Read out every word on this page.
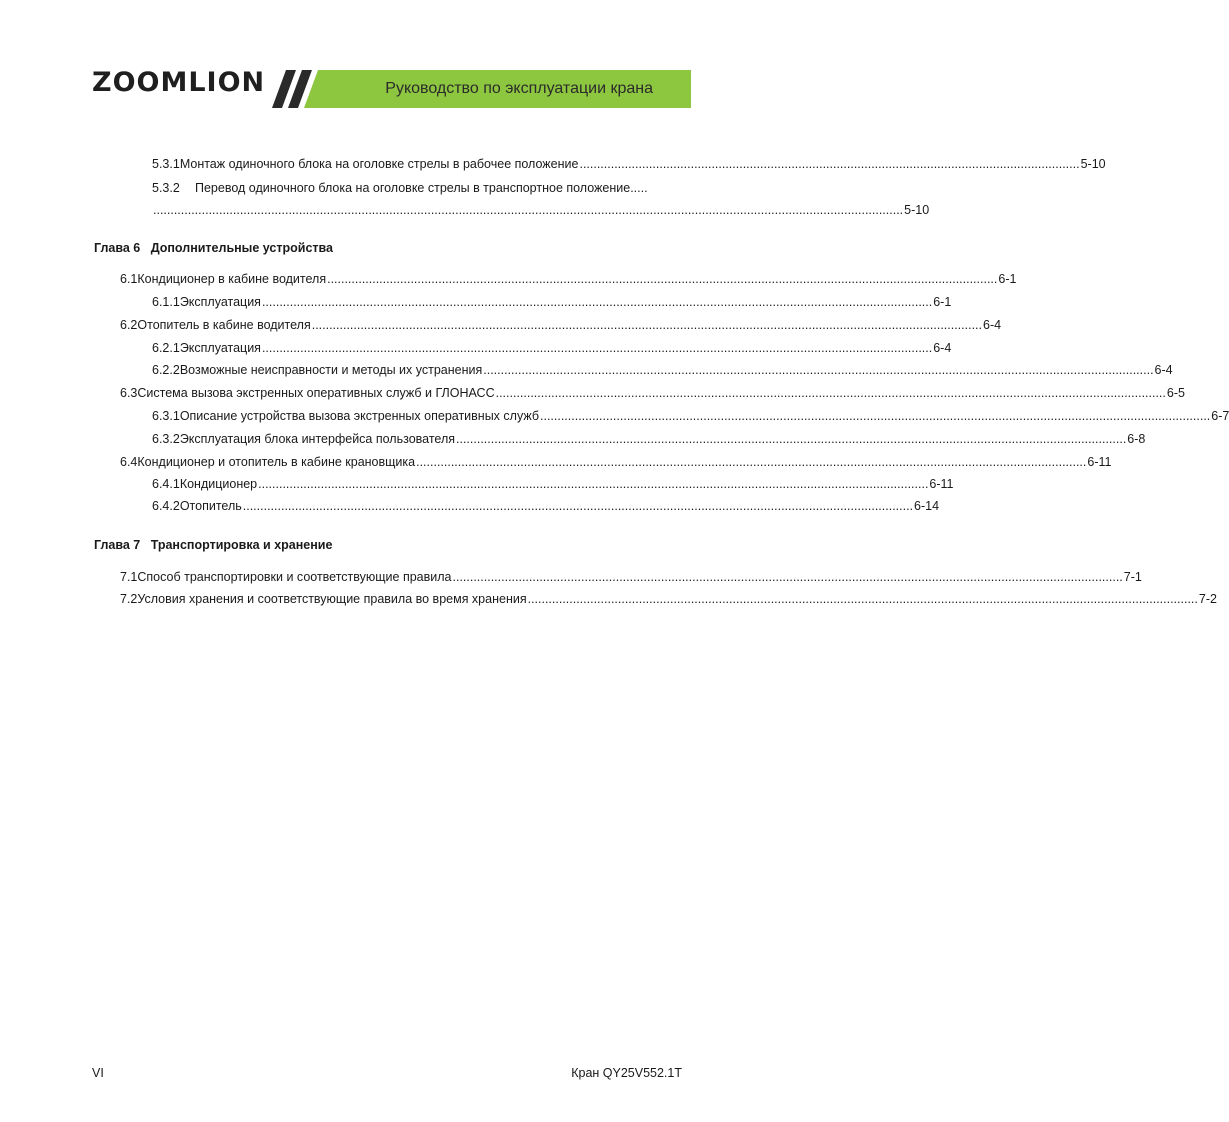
ZOOMLION	Руководство по эксплуатации крана
5.3.1 Монтаж одиночного блока на оголовке стрелы в рабочее положение ................................................................................................................................................ 5-10
5.3.2	Перевод одиночного блока на оголовке стрелы в транспортное положение.....
........................................................................................................................................................................................................................ 5-10
Глава 6 Дополнительные устройства
6.1 Кондиционер в кабине водителя ................................................................................................................................................................................................. 6-1
6.1.1 Эксплуатация ................................................................................................................................................................................................. 6-1
6.2 Отопитель в кабине водителя ................................................................................................................................................................................................. 6-4
6.2.1 Эксплуатация ................................................................................................................................................................................................. 6-4
6.2.2 Возможные неисправности и методы их устранения ................................................................................................................................................................................................. 6-4
6.3 Система вызова экстренных оперативных служб и ГЛОНАСС ................................................................................................................................................................................................. 6-5
6.3.1 Описание устройства вызова экстренных оперативных служб ................................................................................................................................................................................................. 6-7
6.3.2 Эксплуатация блока интерфейса пользователя ................................................................................................................................................................................................. 6-8
6.4 Кондиционер и отопитель в кабине крановщика ................................................................................................................................................................................................. 6-11
6.4.1 Кондиционер ................................................................................................................................................................................................. 6-11
6.4.2 Отопитель ................................................................................................................................................................................................. 6-14
Глава 7 Транспортировка и хранение
7.1 Способ транспортировки и соответствующие правила ................................................................................................................................................................................................. 7-1
7.2 Условия хранения и соответствующие правила во время хранения ................................................................................................................................................................................................. 7-2
VI	Кран QY25V552.1T
